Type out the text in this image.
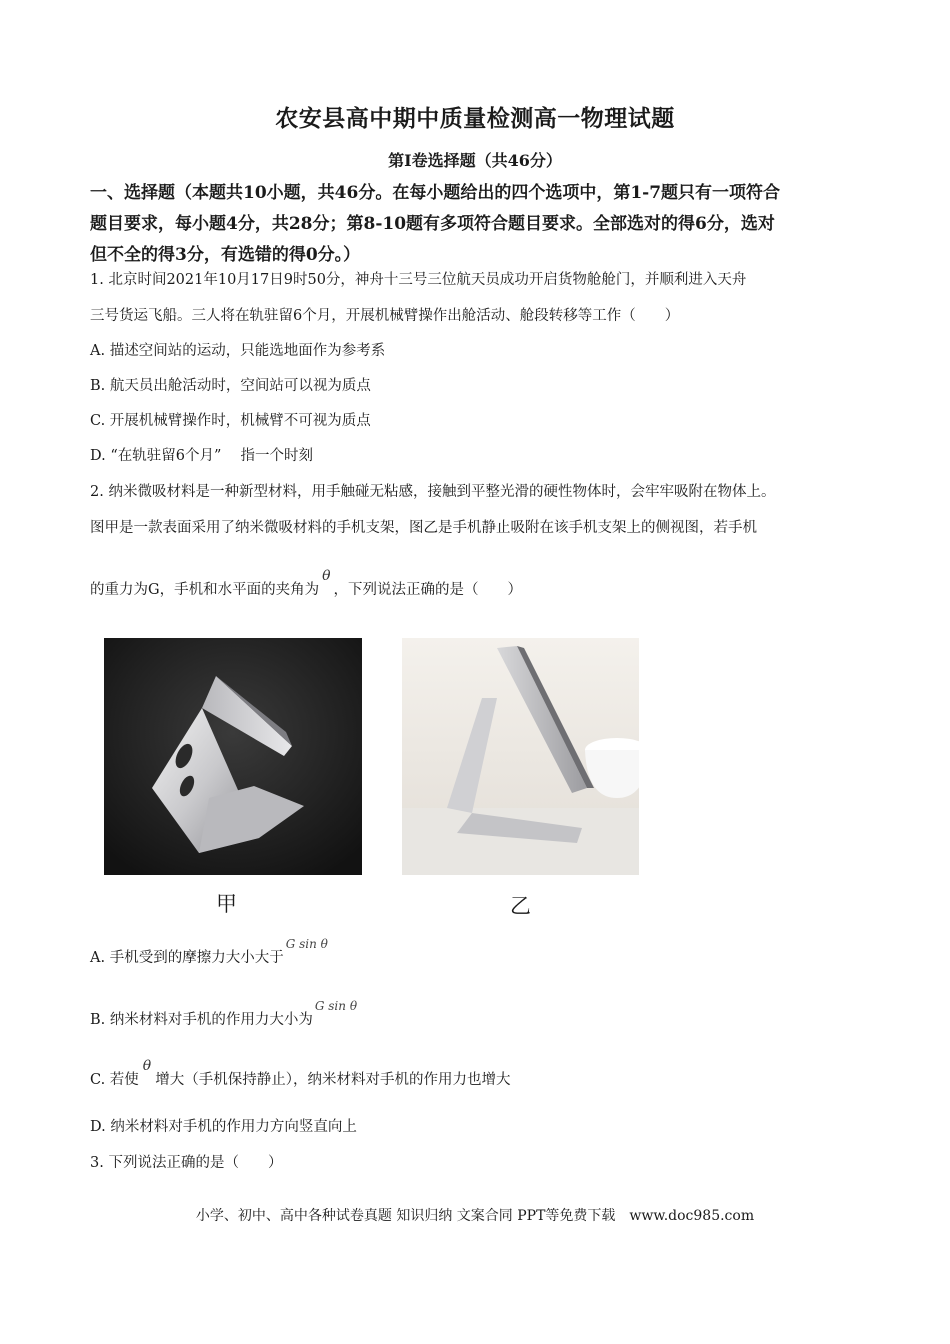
农安县高中期中质量检测高一物理试题
第Ⅰ卷选择题（共46分）
一、选择题（本题共10小题，共46分。在每小题给出的四个选项中，第1-7题只有一项符合
题目要求，每小题4分，共28分；第8-10题有多项符合题目要求。全部选对的得6分，选对
但不全的得3分，有选错的得0分。）
1. 北京时间2021年10月17日9时50分，神舟十三号三位航天员成功开启货物舱舱门，并顺利进入天舟
三号货运飞船。三人将在轨驻留6个月，开展机械臂操作出舱活动、舱段转移等工作（　　）
A. 描述空间站的运动，只能选地面作为参考系
B. 航天员出舱活动时，空间站可以视为质点
C. 开展机械臂操作时，机械臂不可视为质点
D. “在轨驻留6个月”　 指一个时刻
2. 纳米微吸材料是一种新型材料，用手触碰无粘感，接触到平整光滑的硬性物体时，会牢牢吸附在物体上。
图甲是一款表面采用了纳米微吸材料的手机支架，图乙是手机静止吸附在该手机支架上的侧视图，若手机
的重力为G，手机和水平面的夹角为θ，下列说法正确的是（　　）
甲	乙
A. 手机受到的摩擦力大小大于$^{G sin \theta}$
B. 纳米材料对手机的作用力大小为$^{G sin \theta}$
C. 若使θ增大（手机保持静止），纳米材料对手机的作用力也增大
D. 纳米材料对手机的作用力方向竖直向上
3. 下列说法正确的是（　　）
小学、初中、高中各种试卷真题 知识归纳 文案合同 PPT等免费下载　www.doc985.com
